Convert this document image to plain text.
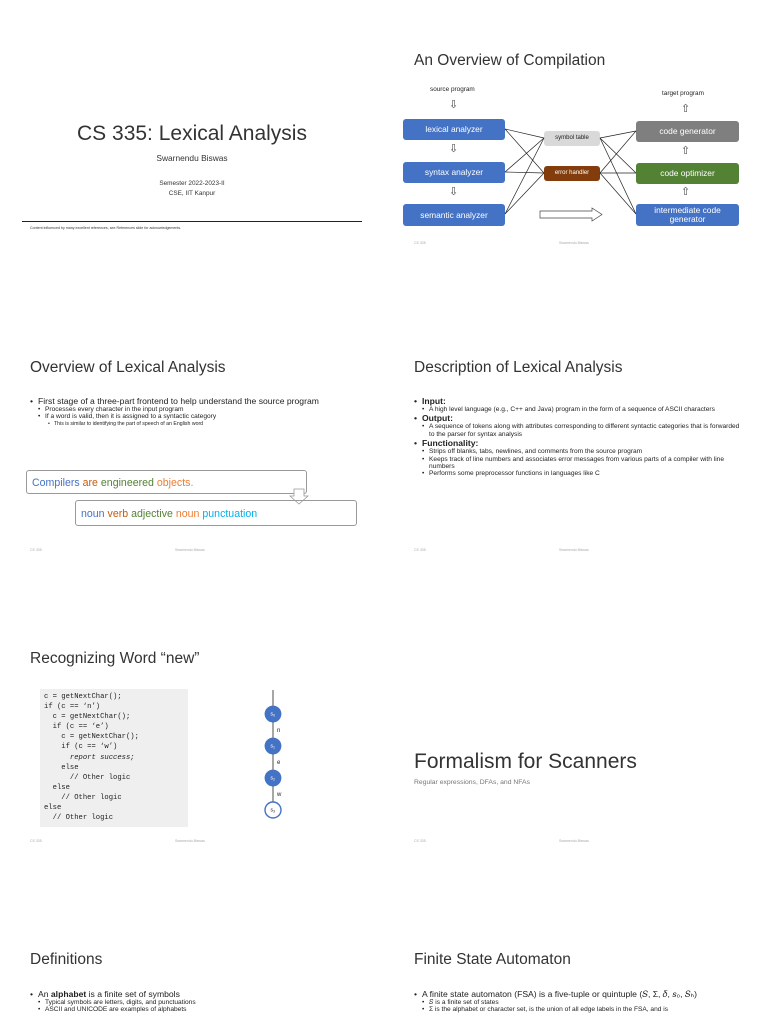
CS 335: Lexical Analysis
Swarnendu Biswas
Semester 2022-2023-II
CSE, IIT Kanpur
Content influenced by many excellent references, see References slide for acknowledgements.
An Overview of Compilation
source program
⇩
lexical analyzer
⇩
syntax analyzer
⇩
semantic analyzer
symbol table
error handler
target program
⇧
code generator
⇧
code optimizer
⇧
intermediate code generator
CS 335	Swarnendu Biswas
Overview of Lexical Analysis
• First stage of a three-part frontend to help understand the source program
• Processes every character in the input program
• If a word is valid, then it is assigned to a syntactic category
• This is similar to identifying the part of speech of an English word
Compilers are engineered objects.
noun verb adjective noun punctuation
CS 335	Swarnendu Biswas
Description of Lexical Analysis
• Input:
• A high level language (e.g., C++ and Java) program in the form of a sequence of ASCII characters
• Output:
• A sequence of tokens along with attributes corresponding to different syntactic categories that is forwarded to the parser for syntax analysis
• Functionality:
• Strips off blanks, tabs, newlines, and comments from the source program
• Keeps track of line numbers and associates error messages from various parts of a compiler with line numbers
• Performs some preprocessor functions in languages like C
CS 335	Swarnendu Biswas
Recognizing Word “new”
c = getNextChar();
if (c == ‘n’)
c = getNextChar();
if (c == ‘e’)
c = getNextChar();
if (c == ‘w’)
report success;
else
// Other logic
else
// Other logic
else
// Other logic
$s_0$
n
$s_1$
e
$s_2$
w
$s_3$
CS 335	Swarnendu Biswas
Formalism for Scanners
Regular expressions, DFAs, and NFAs
CS 335	Swarnendu Biswas
Definitions
• An alphabet is a finite set of symbols
• Typical symbols are letters, digits, and punctuations
• ASCII and UNICODE are examples of alphabets
Finite State Automaton
• A finite state automaton (FSA) is a five-tuple or quintuple (𝑆, Σ, 𝛿, 𝑠₀, 𝑆ₕ)
• 𝑆 is a finite set of states
• Σ is the alphabet or character set, is the union of all edge labels in the FSA, and is
